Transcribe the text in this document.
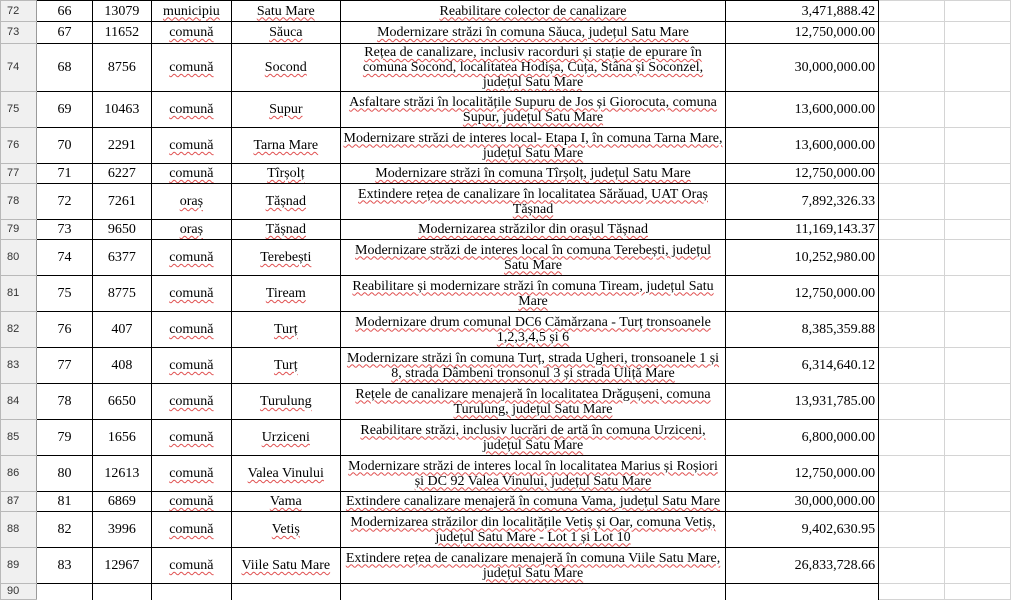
72	66	13079	municipiu	Satu Mare	Reabilitare colector de canalizare	3,471,888.42		
73	67	11652	comună	Săuca	Modernizare străzi în comuna Săuca, județul Satu Mare	12,750,000.00		
74	68	8756	comună	Socond	Rețea de canalizare, inclusiv racorduri și stație de epurare în comuna Socond, localitatea Hodișa, Cuța, Stâna și Soconzel, județul Satu Mare	30,000,000.00		
75	69	10463	comună	Supur	Asfaltare străzi în localitățile Supuru de Jos și Giorocuta, comuna Supur, județul Satu Mare	13,600,000.00		
76	70	2291	comună	Tarna Mare	Modernizare străzi de interes local- Etapa I, în comuna Tarna Mare, județul Satu Mare	13,600,000.00		
77	71	6227	comună	Tîrșolț	Modernizare străzi în comuna Tîrșolț, județul Satu Mare	12,750,000.00		
78	72	7261	oraș	Tășnad	Extindere rețea de canalizare în localitatea Sărăuad, UAT Oraș Tășnad	7,892,326.33		
79	73	9650	oraș	Tășnad	Modernizarea străzilor din orașul Tășnad	11,169,143.37		
80	74	6377	comună	Terebești	Modernizare străzi de interes local în comuna Terebești, județul Satu Mare	10,252,980.00		
81	75	8775	comună	Tiream	Reabilitare și modernizare străzi în comuna Tiream, județul Satu Mare	12,750,000.00		
82	76	407	comună	Turț	Modernizare drum comunal DC6 Cămărzana - Turț tronsoanele 1,2,3,4,5 și 6	8,385,359.88		
83	77	408	comună	Turț	Modernizare străzi în comuna Turț, strada Ugheri, tronsoanele 1 și 8, strada Dâmbeni tronsonul 3 și strada Uliță Mare	6,314,640.12		
84	78	6650	comună	Turulung	Rețele de canalizare menajeră în localitatea Drăgușeni, comuna Turulung, județul Satu Mare	13,931,785.00		
85	79	1656	comună	Urziceni	Reabilitare străzi, inclusiv lucrări de artă în comuna Urziceni, județul Satu Mare	6,800,000.00		
86	80	12613	comună	Valea Vinului	Modernizare străzi de interes local în localitatea Marius și Roșiori și DC 92 Valea Vinului, județul Satu Mare	12,750,000.00		
87	81	6869	comună	Vama	Extindere canalizare menajeră în comuna Vama, județul Satu Mare	30,000,000.00		
88	82	3996	comună	Vetiș	Modernizarea străzilor din localitățile Vetiș și Oar, comuna Vetiș, județul Satu Mare - Lot 1 și Lot 10	9,402,630.95		
89	83	12967	comună	Viile Satu Mare	Extindere rețea de canalizare menajeră în comuna Viile Satu Mare, județul Satu Mare	26,833,728.66		
90								
